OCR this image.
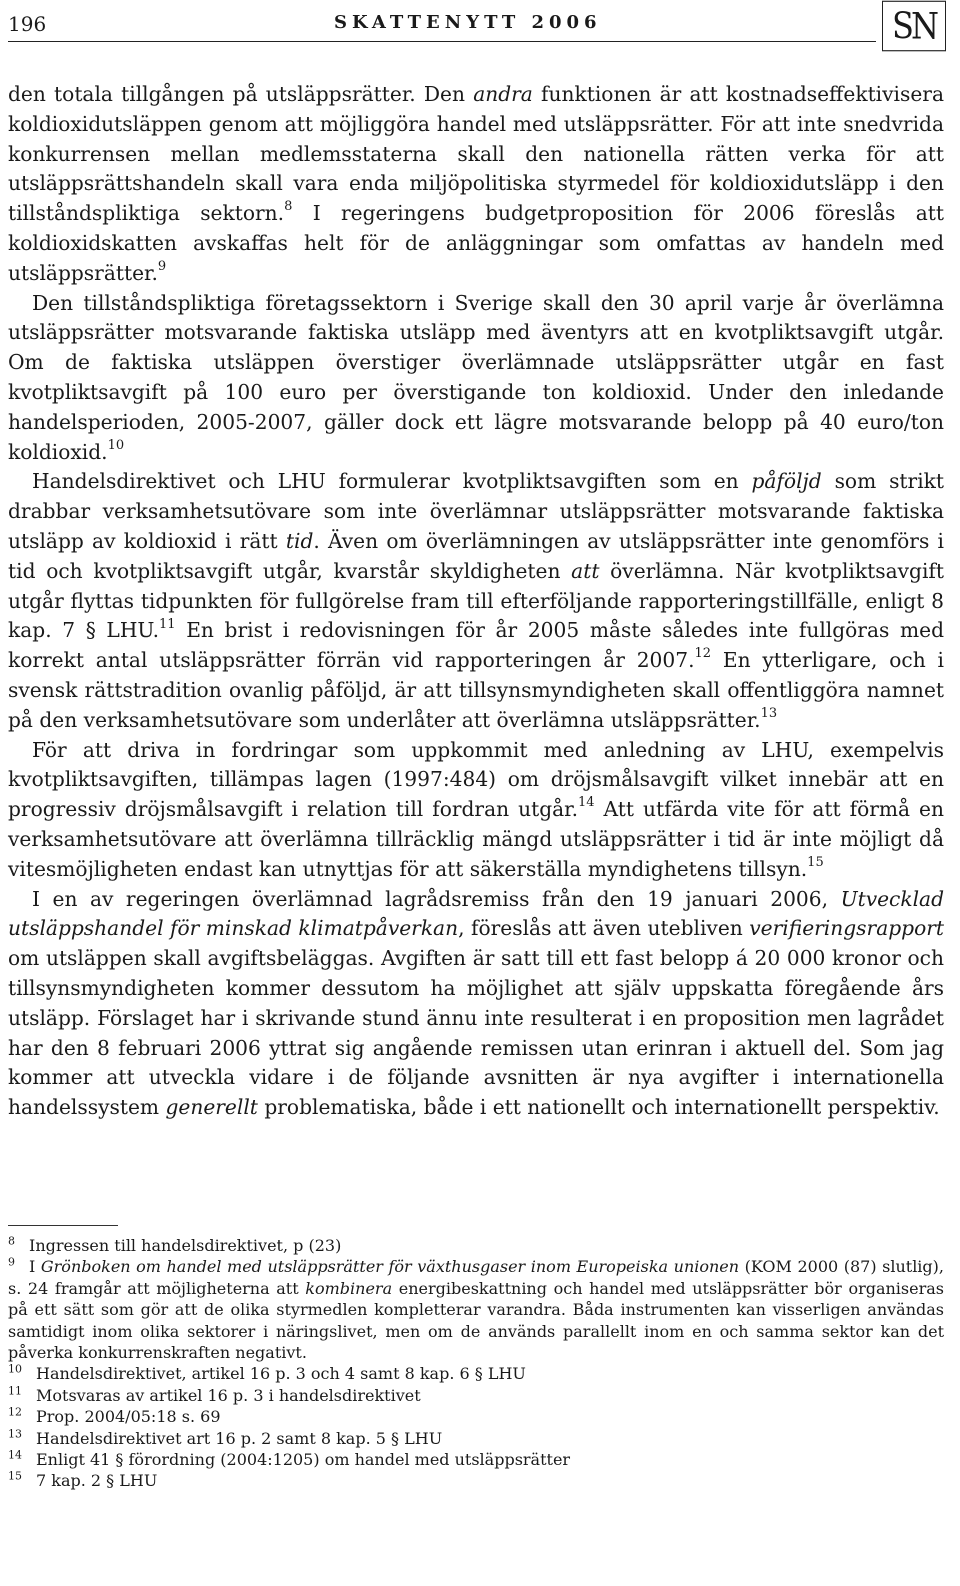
196	SKATTENYTT 2006	SN

den totala tillgången på utsläppsrätter. Den andra funktionen är att kostnadseffektivisera koldioxidutsläppen genom att möjliggöra handel med utsläppsrätter. För att inte snedvrida konkurrensen mellan medlemsstaterna skall den nationella rätten verka för att utsläppsrättshandeln skall vara enda miljöpolitiska styrmedel för koldioxidutsläpp i den tillståndspliktiga sektorn.$^8$ I regeringens budgetproposition för 2006 föreslås att koldioxidskatten avskaffas helt för de anläggningar som omfattas av handeln med utsläppsrätter.$^9$

Den tillståndspliktiga företagssektorn i Sverige skall den 30 april varje år överlämna utsläppsrätter motsvarande faktiska utsläpp med äventyrs att en kvotpliktsavgift utgår. Om de faktiska utsläppen överstiger överlämnade utsläppsrätter utgår en fast kvotpliktsavgift på 100 euro per överstigande ton koldioxid. Under den inledande handelsperioden, 2005-2007, gäller dock ett lägre motsvarande belopp på 40 euro/ton koldioxid.$^{10}$

Handelsdirektivet och LHU formulerar kvotpliktsavgiften som en påföljd som strikt drabbar verksamhetsutövare som inte överlämnar utsläppsrätter motsvarande faktiska utsläpp av koldioxid i rätt tid. Även om överlämningen av utsläppsrätter inte genomförs i tid och kvotpliktsavgift utgår, kvarstår skyldigheten att överlämna. När kvotpliktsavgift utgår flyttas tidpunkten för fullgörelse fram till efterföljande rapporteringstillfälle, enligt 8 kap. 7 § LHU.$^{11}$ En brist i redovisningen för år 2005 måste således inte fullgöras med korrekt antal utsläppsrätter förrän vid rapporteringen år 2007.12 En ytterligare, och i svensk rättstradition ovanlig påföljd, är att tillsynsmyndigheten skall offentliggöra namnet på den verksamhetsutövare som underlåter att överlämna utsläppsrätter.$^{13}$

För att driva in fordringar som uppkommit med anledning av LHU, exempelvis kvotpliktsavgiften, tillämpas lagen (1997:484) om dröjsmålsavgift vilket innebär att en progressiv dröjsmålsavgift i relation till fordran utgår.$^{14}$ Att utfärda vite för att förmå en verksamhetsutövare att överlämna tillräcklig mängd utsläppsrätter i tid är inte möjligt då vitesmöjligheten endast kan utnyttjas för att säkerställa myndighetens tillsyn.$^{15}$

I en av regeringen överlämnad lagrådsremiss från den 19 januari 2006, Utvecklad utsläppshandel för minskad klimatpåverkan, föreslås att även utebliven verifieringsrapport om utsläppen skall avgiftsbeläggas. Avgiften är satt till ett fast belopp á 20 000 kronor och tillsynsmyndigheten kommer dessutom ha möjlighet att själv uppskatta föregående års utsläpp. Förslaget har i skrivande stund ännu inte resulterat i en proposition men lagrådet har den 8 februari 2006 yttrat sig angående remissen utan erinran i aktuell del. Som jag kommer att utveckla vidare i de följande avsnitten är nya avgifter i internationella handelssystem generellt problematiska, både i ett nationellt och internationellt perspektiv.

$^8$ Ingressen till handelsdirektivet, p (23)
$^9$ I Grönboken om handel med utsläppsrätter för växthusgaser inom Europeiska unionen (KOM 2000 (87) slutlig), s. 24 framgår att möjligheterna att kombinera energibeskattning och handel med utsläppsrätter bör organiseras på ett sätt som gör att de olika styrmedlen kompletterar varandra. Båda instrumenten kan visserligen användas samtidigt inom olika sektorer i näringslivet, men om de används parallellt inom en och samma sektor kan det påverka konkurrenskraften negativt.
$^{10}$ Handelsdirektivet, artikel 16 p. 3 och 4 samt 8 kap. 6 § LHU
$^{11}$ Motsvaras av artikel 16 p. 3 i handelsdirektivet
$^{12}$ Prop. 2004/05:18 s. 69
$^{13}$ Handelsdirektivet art 16 p. 2 samt 8 kap. 5 § LHU
$^{14}$ Enligt 41 § förordning (2004:1205) om handel med utsläppsrätter
$^{15}$ 7 kap. 2 § LHU
